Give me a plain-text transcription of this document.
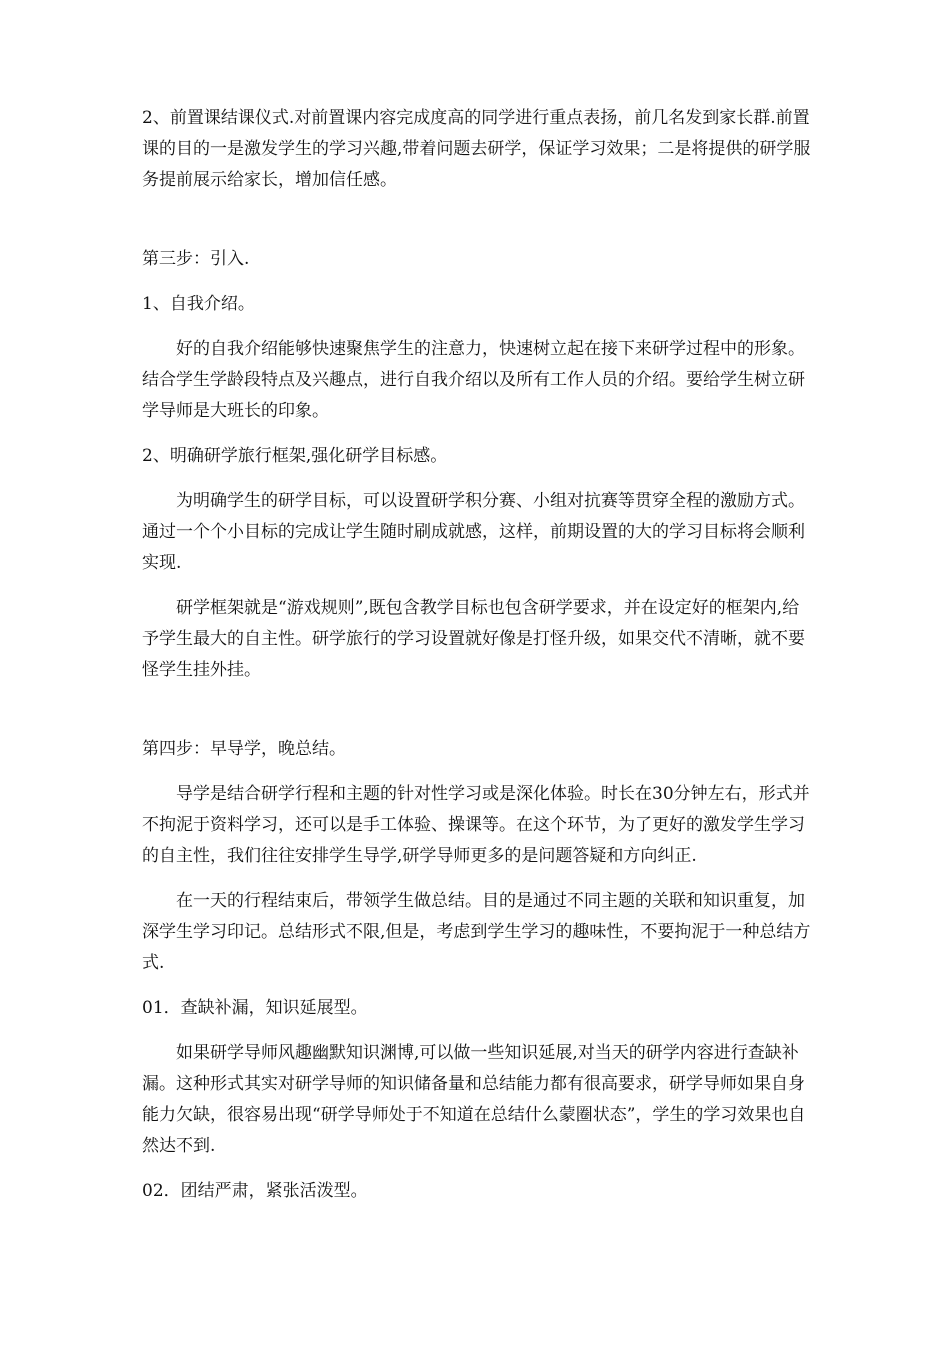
2、前置课结课仪式.对前置课内容完成度高的同学进行重点表扬，前几名发到家长群.前置课的目的一是激发学生的学习兴趣,带着问题去研学，保证学习效果；二是将提供的研学服务提前展示给家长，增加信任感。

第三步：引入.

1、自我介绍。

好的自我介绍能够快速聚焦学生的注意力，快速树立起在接下来研学过程中的形象。结合学生学龄段特点及兴趣点，进行自我介绍以及所有工作人员的介绍。要给学生树立研学导师是大班长的印象。

2、明确研学旅行框架,强化研学目标感。

为明确学生的研学目标，可以设置研学积分赛、小组对抗赛等贯穿全程的激励方式。通过一个个小目标的完成让学生随时刷成就感，这样，前期设置的大的学习目标将会顺利实现.

研学框架就是“游戏规则”,既包含教学目标也包含研学要求，并在设定好的框架内,给予学生最大的自主性。研学旅行的学习设置就好像是打怪升级，如果交代不清晰，就不要怪学生挂外挂。

第四步：早导学，晚总结。

导学是结合研学行程和主题的针对性学习或是深化体验。时长在30分钟左右，形式并不拘泥于资料学习，还可以是手工体验、操课等。在这个环节，为了更好的激发学生学习的自主性，我们往往安排学生导学,研学导师更多的是问题答疑和方向纠正.

在一天的行程结束后，带领学生做总结。目的是通过不同主题的关联和知识重复，加深学生学习印记。总结形式不限,但是，考虑到学生学习的趣味性，不要拘泥于一种总结方式.

01．查缺补漏，知识延展型。

如果研学导师风趣幽默知识渊博,可以做一些知识延展,对当天的研学内容进行查缺补漏。这种形式其实对研学导师的知识储备量和总结能力都有很高要求，研学导师如果自身能力欠缺，很容易出现“研学导师处于不知道在总结什么蒙圈状态”，学生的学习效果也自然达不到.

02．团结严肃，紧张活泼型。
